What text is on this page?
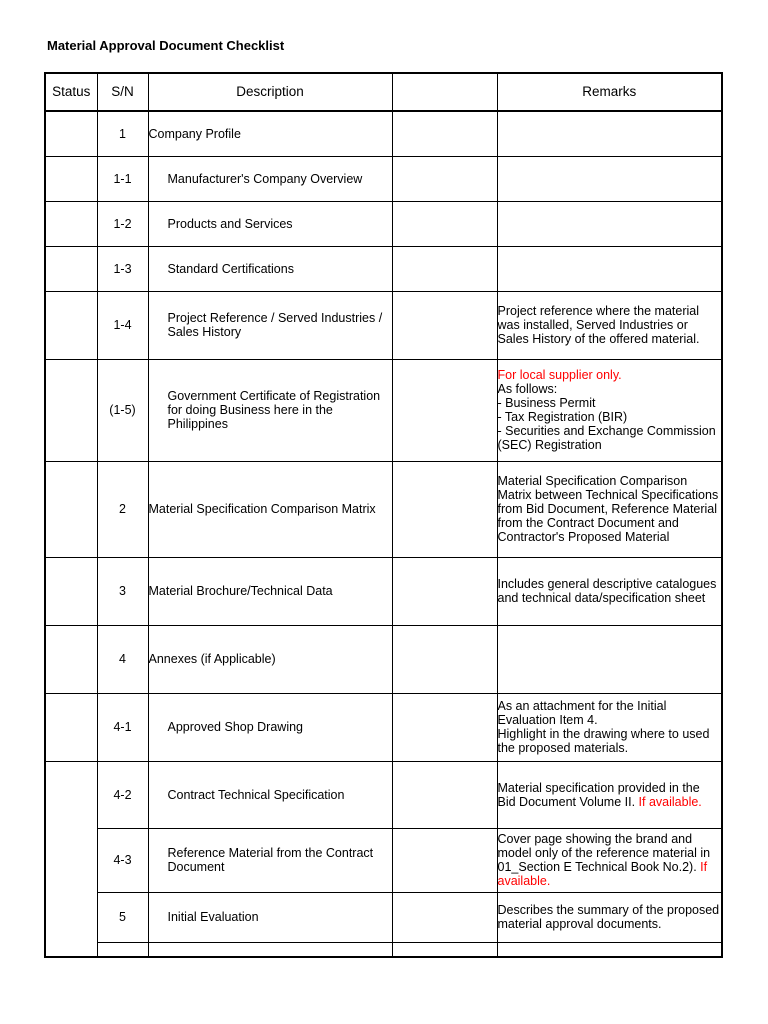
Material Approval Document Checklist
Status	S/N	Description		Remarks
	1	Company Profile		
	1-1	Manufacturer's Company Overview		
	1-2	Products and Services		
	1-3	Standard Certifications		
	1-4	Project Reference / Served Industries / Sales History		Project reference where the material was installed, Served Industries or Sales History of the offered material.
	(1-5)	Government Certificate of Registration for doing Business here in the Philippines		For local supplier only.
As follows:
- Business Permit
- Tax Registration (BIR)
- Securities and Exchange Commission (SEC) Registration

	2	Material Specification Comparison Matrix		Material Specification Comparison Matrix between Technical Specifications from Bid Document, Reference Material from the Contract Document and Contractor's Proposed Material
	3	Material Brochure/Technical Data		Includes general descriptive catalogues and technical data/specification sheet
	4	Annexes (if Applicable)		
	4-1	Approved Shop Drawing		As an attachment for the Initial Evaluation Item 4.
Highlight in the drawing where to used the proposed materials.

	4-2	Contract Technical Specification		Material specification provided in the Bid Document Volume II. If available.
	4-3	Reference Material from the Contract Document		Cover page showing the brand and model only of the reference material in 01_Section E Technical Book No.2). If available.
	5	Initial Evaluation		Describes the summary of the proposed material approval documents.
